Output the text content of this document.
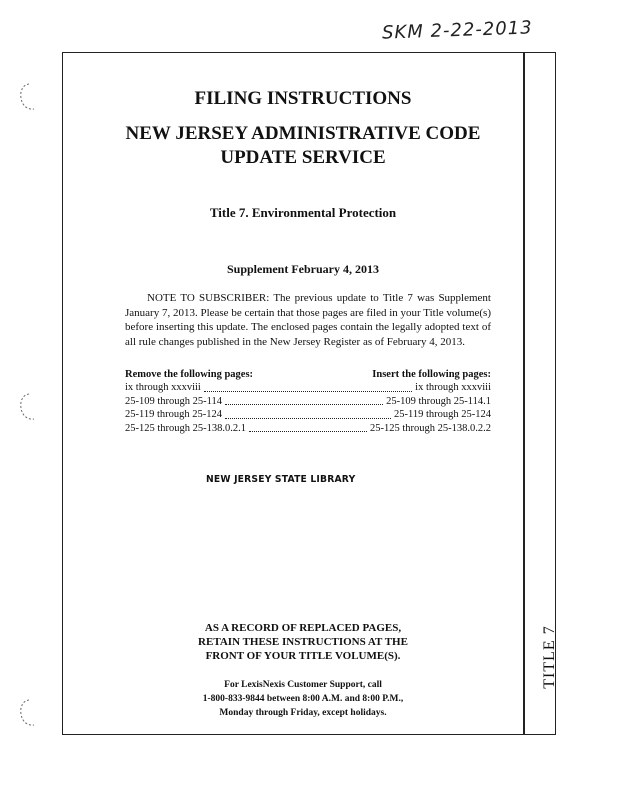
SKM 2-22-2013
TITLE 7
FILING INSTRUCTIONS
NEW JERSEY ADMINISTRATIVE CODE
UPDATE SERVICE
Title 7. Environmental Protection
Supplement February 4, 2013
NOTE TO SUBSCRIBER: The previous update to Title 7 was Supplement January 7, 2013. Please be certain that those pages are filed in your Title volume(s) before inserting this update. The enclosed pages contain the legally adopted text of all rule changes published in the New Jersey Register as of February 4, 2013.
Remove the following pages:	Insert the following pages:
ix through xxxviii	ix through xxxviii
25-109 through 25-114	25-109 through 25-114.1
25-119 through 25-124	25-119 through 25-124
25-125 through 25-138.0.2.1	25-125 through 25-138.0.2.2
NEW JERSEY STATE LIBRARY
AS A RECORD OF REPLACED PAGES,
RETAIN THESE INSTRUCTIONS AT THE
FRONT OF YOUR TITLE VOLUME(S).
For LexisNexis Customer Support, call
1-800-833-9844 between 8:00 A.M. and 8:00 P.M.,
Monday through Friday, except holidays.
